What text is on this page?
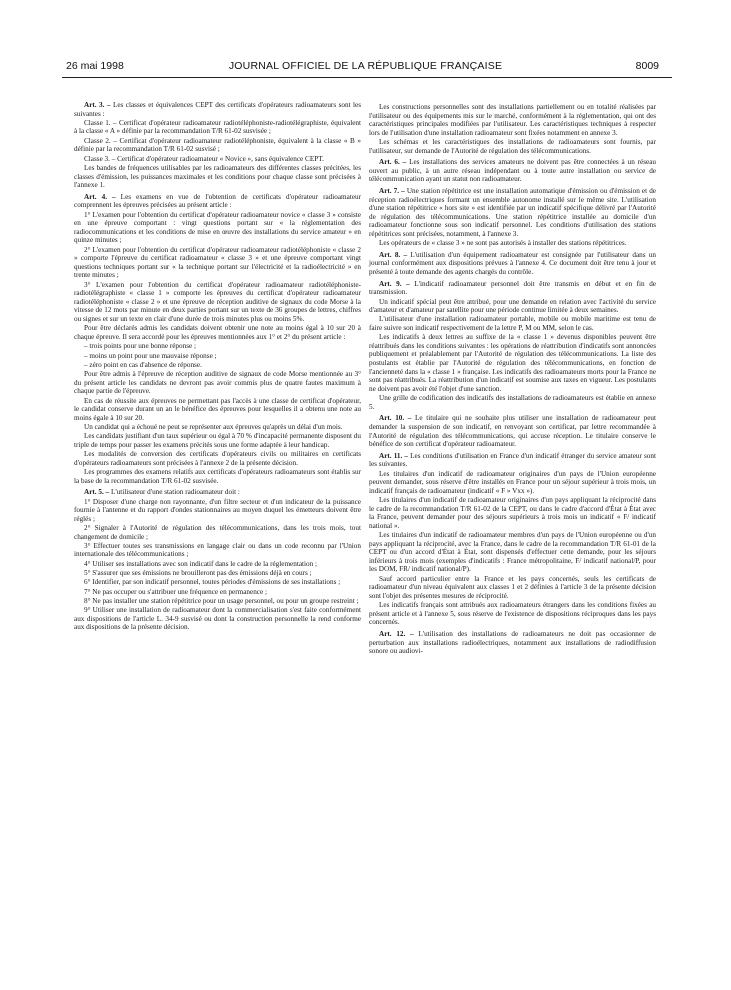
26 mai 1998	JOURNAL OFFICIEL DE LA RÉPUBLIQUE FRANÇAISE	8009

Art. 3. – Les classes et équivalences CEPT des certificats d'opérateurs radioamateurs sont les suivantes :

Classe 1. – Certificat d'opérateur radioamateur radiotéléphoniste-radiotélégraphiste, équivalent à la classe « A » définie par la recommandation T/R 61-02 susvisée ;

Classe 2. – Certificat d'opérateur radioamateur radiotéléphoniste, équivalent à la classe « B » définie par la recommandation T/R 61-02 susvisé ;

Classe 3. – Certificat d'opérateur radioamateur « Novice », sans équivalence CEPT.

Les bandes de fréquences utilisables par les radioamateurs des différentes classes précitées, les classes d'émission, les puissances maximales et les conditions pour chaque classe sont précisées à l'annexe 1.

Art. 4. – Les examens en vue de l'obtention de certificats d'opérateur radioamateur comprennent les épreuves précisées au présent article :

1° L'examen pour l'obtention du certificat d'opérateur radioamateur novice « classe 3 » consiste en une épreuve comportant : vingt questions portant sur « la réglementation des radiocommunications et les conditions de mise en œuvre des installations du service amateur » en quinze minutes ;

2° L'examen pour l'obtention du certificat d'opérateur radioamateur radiotéléphoniste « classe 2 » comporte l'épreuve du certificat radioamateur « classe 3 » et une épreuve comportant vingt questions techniques portant sur « la technique portant sur l'électricité et la radioélectricité » en trente minutes ;

3° L'examen pour l'obtention du certificat d'opérateur radioamateur radiotéléphoniste-radiotélégraphiste « classe 1 » comporte les épreuves du certificat d'opérateur radioamateur radiotéléphoniste « classe 2 » et une épreuve de réception auditive de signaux du code Morse à la vitesse de 12 mots par minute en deux parties portant sur un texte de 36 groupes de lettres, chiffres ou signes et sur un texte en clair d'une durée de trois minutes plus ou moins 5%.

Pour être déclarés admis les candidats doivent obtenir une note au moins égal à 10 sur 20 à chaque épreuve. Il sera accordé pour les épreuves mentionnées aux 1° et 2° du présent article :

– trois points pour une bonne réponse ;

– moins un point pour une mauvaise réponse ;

– zéro point en cas d'absence de réponse.

Pour être admis à l'épreuve de réception auditive de signaux de code Morse mentionnée au 3° du présent article les candidats ne devront pas avoir commis plus de quatre fautes maximum à chaque partie de l'épreuve.

En cas de réussite aux épreuves ne permettant pas l'accès à une classe de certificat d'opérateur, le candidat conserve durant un an le bénéfice des épreuves pour lesquelles il a obtenu une note au moins égale à 10 sur 20.

Un candidat qui a échoué ne peut se représenter aux épreuves qu'après un délai d'un mois.

Les candidats justifiant d'un taux supérieur ou égal à 70 % d'incapacité permanente disposent du triple de temps pour passer les examens précités sous une forme adaptée à leur handicap.

Les modalités de conversion des certificats d'opérateurs civils ou militaires en certificats d'opérateurs radioamateurs sont précisées à l'annexe 2 de la présente décision.

Les programmes des examens relatifs aux certificats d'opérateurs radioamateurs sont établis sur la base de la recommandation T/R 61-02 susvisée.

Art. 5. – L'utilisateur d'une station radioamateur doit :

1° Disposer d'une charge non rayonnante, d'un filtre secteur et d'un indicateur de la puissance fournie à l'antenne et du rapport d'ondes stationnaires au moyen duquel les émetteurs doivent être réglés ;

2° Signaler à l'Autorité de régulation des télécommunications, dans les trois mois, tout changement de domicile ;

3° Effectuer toutes ses transmissions en langage clair ou dans un code reconnu par l'Union internationale des télécommunications ;

4° Utiliser ses installations avec son indicatif dans le cadre de la réglementation ;

5° S'assurer que ses émissions ne brouilleront pas des émissions déjà en cours ;

6° Identifier, par son indicatif personnel, toutes périodes d'émissions de ses installations ;

7° Ne pas occuper ou s'attribuer une fréquence en permanence ;

8° Ne pas installer une station répétitrice pour un usage personnel, ou pour un groupe restreint ;

9° Utiliser une installation de radioamateur dont la commercialisation s'est faite conformément aux dispositions de l'article L. 34-9 susvisé ou dont la construction personnelle la rend conforme aux dispositions de la présente décision.

Les constructions personnelles sont des installations partiellement ou en totalité réalisées par l'utilisateur ou des équipements mis sur le marché, conformément à la réglementation, qui ont des caractéristiques principales modifiées par l'utilisateur. Les caractéristiques techniques à respecter lors de l'utilisation d'une installation radioamateur sont fixées notamment en annexe 3.

Les schémas et les caractéristiques des installations de radioamateurs sont fournis, par l'utilisateur, sur demande de l'Autorité de régulation des télécommunications.

Art. 6. – Les installations des services amateurs ne doivent pas être connectées à un réseau ouvert au public, à un autre réseau indépendant ou à toute autre installation ou service de télécommunication ayant un statut non radioamateur.

Art. 7. – Une station répétitrice est une installation automatique d'émission ou d'émission et de réception radioélectriques formant un ensemble autonome installé sur le même site. L'utilisation d'une station répétitrice « hors site » est identifiée par un indicatif spécifique délivré par l'Autorité de régulation des télécommunications. Une station répétitrice installée au domicile d'un radioamateur fonctionne sous son indicatif personnel. Les conditions d'utilisation des stations répétitrices sont précisées, notamment, à l'annexe 3.

Les opérateurs de « classe 3 » ne sont pas autorisés à installer des stations répétitrices.

Art. 8. – L'utilisation d'un équipement radioamateur est consignée par l'utilisateur dans un journal conformément aux dispositions prévues à l'annexe 4. Ce document doit être tenu à jour et présenté à toute demande des agents chargés du contrôle.

Art. 9. – L'indicatif radioamateur personnel doit être transmis en début et en fin de transmission.

Un indicatif spécial peut être attribué, pour une demande en relation avec l'activité du service d'amateur et d'amateur par satellite pour une période continue limitée à deux semaines.

L'utilisateur d'une installation radioamateur portable, mobile ou mobile maritime est tenu de faire suivre son indicatif respectivement de la lettre P, M ou MM, selon le cas.

Les indicatifs à deux lettres au suffixe de la « classe 1 » devenus disponibles peuvent être réattribués dans les conditions suivantes : les opérations de réattribution d'indicatifs sont annoncées publiquement et préalablement par l'Autorité de régulation des télécommunications. La liste des postulants est établie par l'Autorité de régulation des télécommunications, en fonction de l'ancienneté dans la « classe 1 » française. Les indicatifs des radioamateurs morts pour la France ne sont pas réattribués. La réattribution d'un indicatif est soumise aux taxes en vigueur. Les postulants ne doivent pas avoir été l'objet d'une sanction.

Une grille de codification des indicatifs des installations de radioamateurs est établie en annexe 5.

Art. 10. – Le titulaire qui ne souhaite plus utiliser une installation de radioamateur peut demander la suspension de son indicatif, en renvoyant son certificat, par lettre recommandée à l'Autorité de régulation des télécommunications, qui accuse réception. Le titulaire conserve le bénéfice de son certificat d'opérateur radioamateur.

Art. 11. – Les conditions d'utilisation en France d'un indicatif étranger du service amateur sont les suivantes.

Les titulaires d'un indicatif de radioamateur originaires d'un pays de l'Union européenne peuvent demander, sous réserve d'être installés en France pour un séjour supérieur à trois mois, un indicatif français de radioamateur (indicatif « F » Vxx »).

Les titulaires d'un indicatif de radioamateur originaires d'un pays appliquant la réciprocité dans le cadre de la recommandation T/R 61-02 de la CEPT, ou dans le cadre d'accord d'État à État avec la France, peuvent demander pour des séjours supérieurs à trois mois un indicatif « F/ indicatif national ».

Les titulaires d'un indicatif de radioamateur membres d'un pays de l'Union européenne ou d'un pays appliquant la réciprocité, avec la France, dans le cadre de la recommandation T/R 61-01 de la CEPT ou d'un accord d'État à État, sont dispensés d'effectuer cette demande, pour les séjours inférieurs à trois mois (exemples d'indicatifs : France métropolitaine, F/ indicatif national/P, pour les DOM, FR/ indicatif national/P).

Sauf accord particulier entre la France et les pays concernés, seuls les certificats de radioamateur d'un niveau équivalent aux classes 1 et 2 définies à l'article 3 de la présente décision sont l'objet des présentes mesures de réciprocité.

Les indicatifs français sont attribués aux radioamateurs étrangers dans les conditions fixées au présent article et à l'annexe 5, sous réserve de l'existence de dispositions réciproques dans les pays concernés.

Art. 12. – L'utilisation des installations de radioamateurs ne doit pas occasionner de perturbation aux installations radioélectriques, notamment aux installations de radiodiffusion sonore ou audiovi-
